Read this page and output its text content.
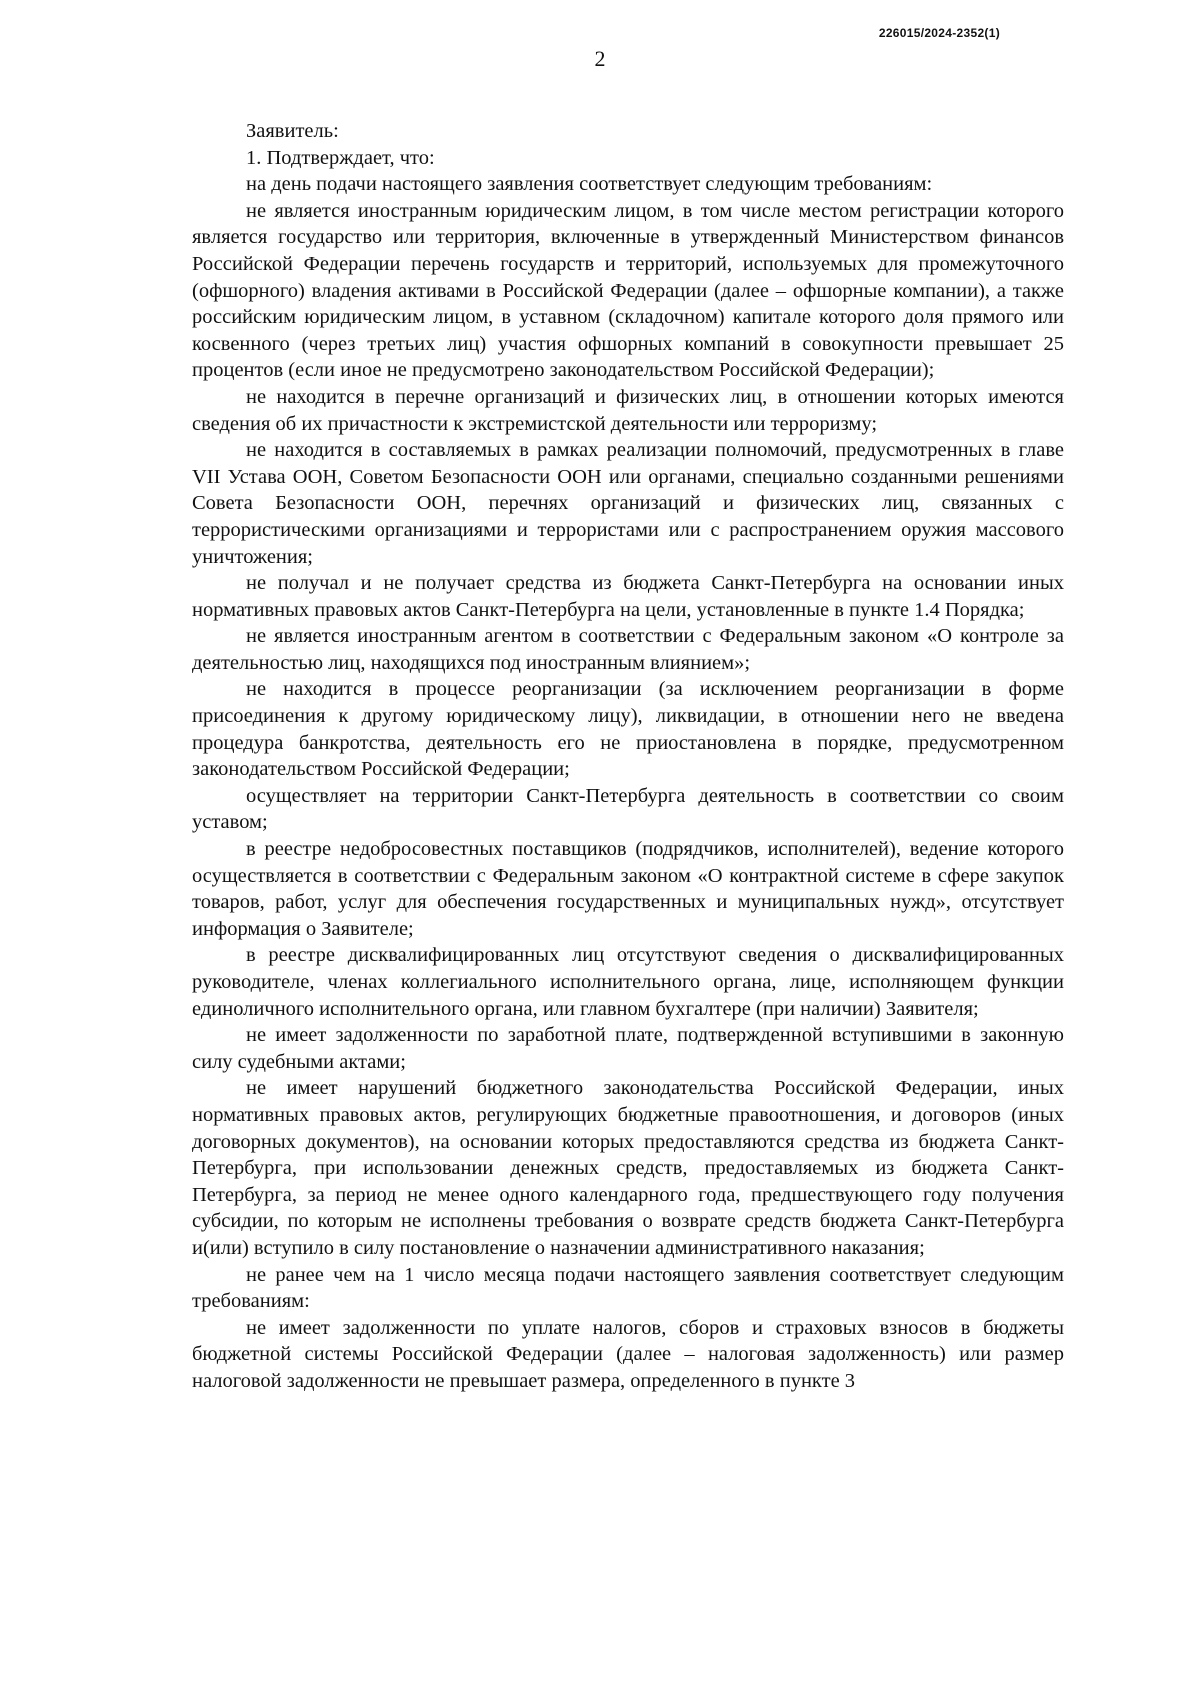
226015/2024-2352(1)
2

Заявитель:

1. Подтверждает, что:

на день подачи настоящего заявления соответствует следующим требованиям:

не является иностранным юридическим лицом, в том числе местом регистрации которого является государство или территория, включенные в утвержденный Министерством финансов Российской Федерации перечень государств и территорий, используемых для промежуточного (офшорного) владения активами в Российской Федерации (далее – офшорные компании), а также российским юридическим лицом, в уставном (складочном) капитале которого доля прямого или косвенного (через третьих лиц) участия офшорных компаний в совокупности превышает 25 процентов (если иное не предусмотрено законодательством Российской Федерации);

не находится в перечне организаций и физических лиц, в отношении которых имеются сведения об их причастности к экстремистской деятельности или терроризму;

не находится в составляемых в рамках реализации полномочий, предусмотренных в главе VII Устава ООН, Советом Безопасности ООН или органами, специально созданными решениями Совета Безопасности ООН, перечнях организаций и физических лиц, связанных с террористическими организациями и террористами или с распространением оружия массового уничтожения;

не получал и не получает средства из бюджета Санкт-Петербурга на основании иных нормативных правовых актов Санкт-Петербурга на цели, установленные в пункте 1.4 Порядка;

не является иностранным агентом в соответствии с Федеральным законом «О контроле за деятельностью лиц, находящихся под иностранным влиянием»;

не находится в процессе реорганизации (за исключением реорганизации в форме присоединения к другому юридическому лицу), ликвидации, в отношении него не введена процедура банкротства, деятельность его не приостановлена в порядке, предусмотренном законодательством Российской Федерации;

осуществляет на территории Санкт-Петербурга деятельность в соответствии со своим уставом;

в реестре недобросовестных поставщиков (подрядчиков, исполнителей), ведение которого осуществляется в соответствии с Федеральным законом «О контрактной системе в сфере закупок товаров, работ, услуг для обеспечения государственных и муниципальных нужд», отсутствует информация о Заявителе;

в реестре дисквалифицированных лиц отсутствуют сведения о дисквалифицированных руководителе, членах коллегиального исполнительного органа, лице, исполняющем функции единоличного исполнительного органа, или главном бухгалтере (при наличии) Заявителя;

не имеет задолженности по заработной плате, подтвержденной вступившими в законную силу судебными актами;

не имеет нарушений бюджетного законодательства Российской Федерации, иных нормативных правовых актов, регулирующих бюджетные правоотношения, и договоров (иных договорных документов), на основании которых предоставляются средства из бюджета Санкт-Петербурга, при использовании денежных средств, предоставляемых из бюджета Санкт-Петербурга, за период не менее одного календарного года, предшествующего году получения субсидии, по которым не исполнены требования о возврате средств бюджета Санкт-Петербурга и(или) вступило в силу постановление о назначении административного наказания;

не ранее чем на 1 число месяца подачи настоящего заявления соответствует следующим требованиям:

не имеет задолженности по уплате налогов, сборов и страховых взносов в бюджеты бюджетной системы Российской Федерации (далее – налоговая задолженность) или размер налоговой задолженности не превышает размера, определенного в пункте 3
